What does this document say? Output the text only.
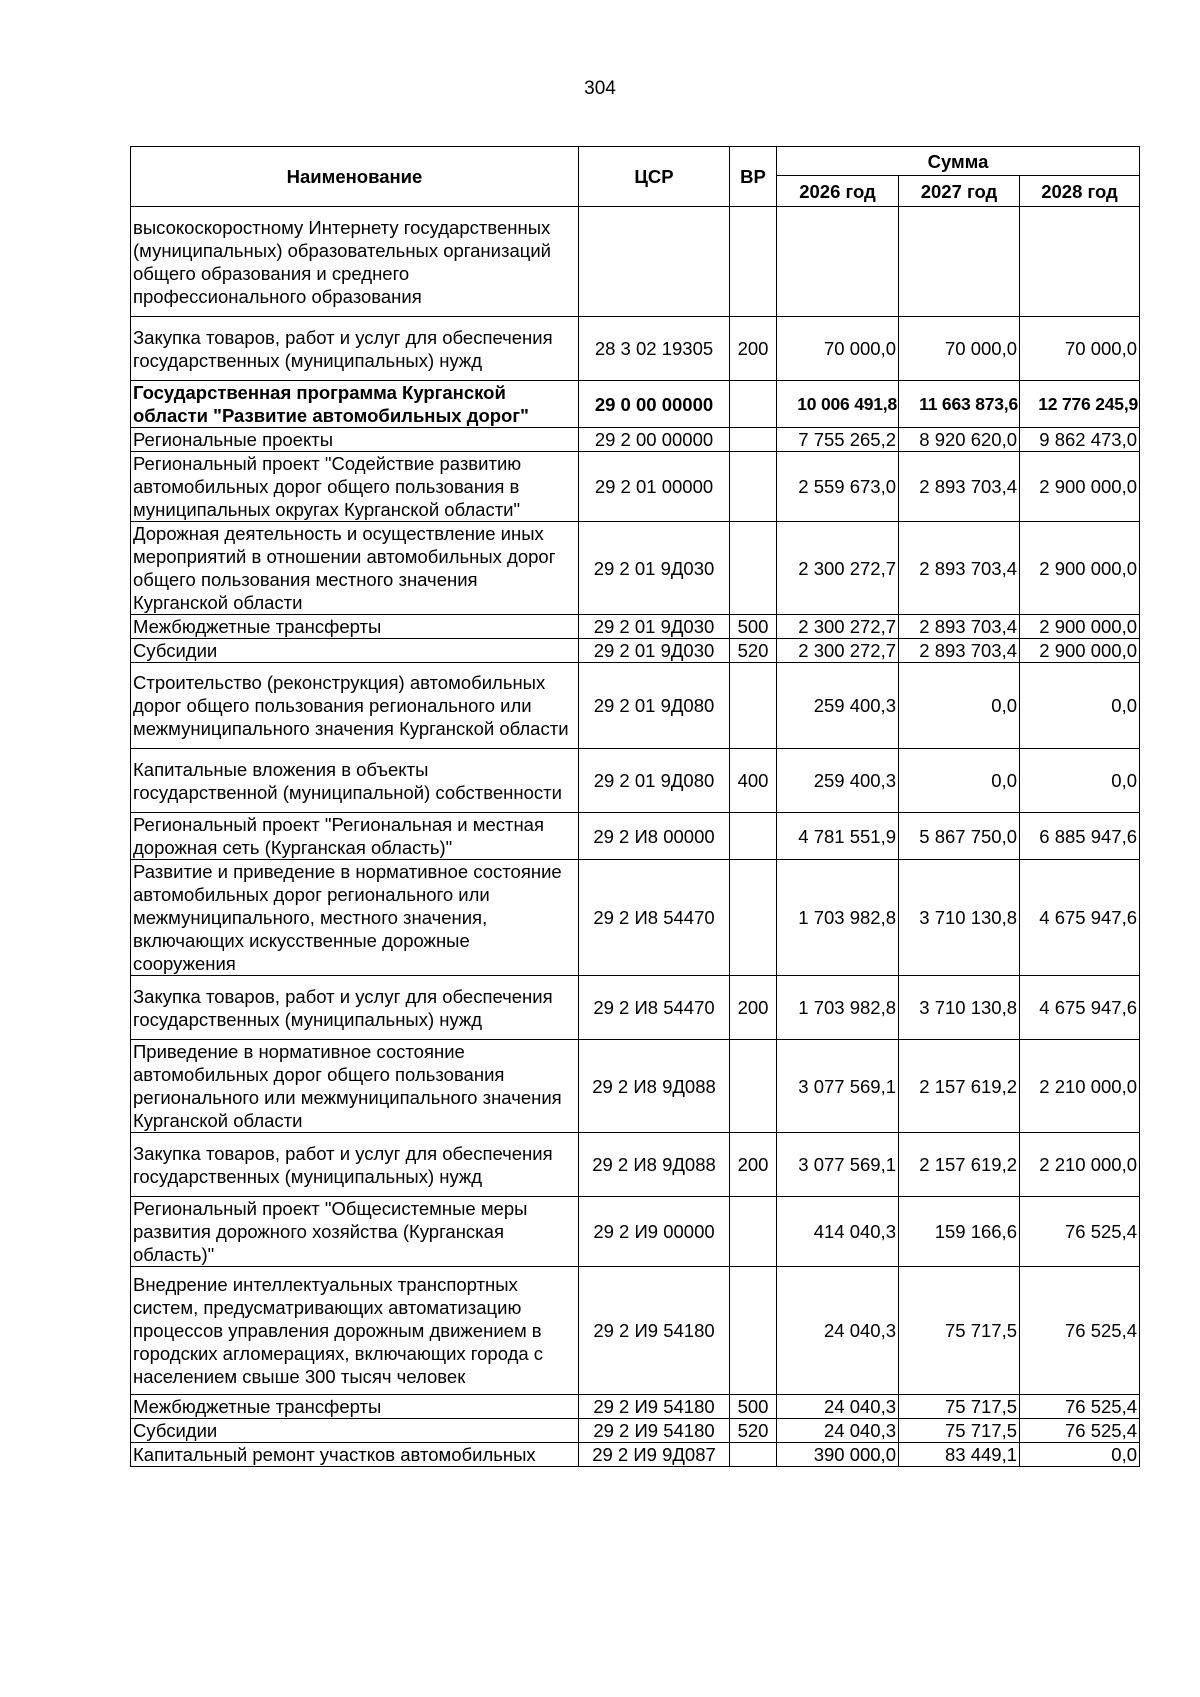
304
Наименование	ЦСР	ВР	Сумма		
			2026 год	2027 год	2028 год
высокоскоростному Интернету государственных (муниципальных) образовательных организаций общего образования и среднего профессионального образования					
Закупка товаров, работ и услуг для обеспечения государственных (муниципальных) нужд	28 3 02 19305	200	70 000,0	70 000,0	70 000,0
Государственная программа Курганской области "Развитие автомобильных дорог"	29 0 00 00000		10 006 491,8	11 663 873,6	12 776 245,9
Региональные проекты	29 2 00 00000		7 755 265,2	8 920 620,0	9 862 473,0
Региональный проект "Содействие развитию автомобильных дорог общего пользования в муниципальных округах Курганской области"	29 2 01 00000		2 559 673,0	2 893 703,4	2 900 000,0
Дорожная деятельность и осуществление иных мероприятий в отношении автомобильных дорог общего пользования местного значения Курганской области	29 2 01 9Д030		2 300 272,7	2 893 703,4	2 900 000,0
Межбюджетные трансферты	29 2 01 9Д030	500	2 300 272,7	2 893 703,4	2 900 000,0
Субсидии	29 2 01 9Д030	520	2 300 272,7	2 893 703,4	2 900 000,0
Строительство (реконструкция) автомобильных дорог общего пользования регионального или межмуниципального значения Курганской области	29 2 01 9Д080		259 400,3	0,0	0,0
Капитальные вложения в объекты государственной (муниципальной) собственности	29 2 01 9Д080	400	259 400,3	0,0	0,0
Региональный проект "Региональная и местная дорожная сеть (Курганская область)"	29 2 И8 00000		4 781 551,9	5 867 750,0	6 885 947,6
Развитие и приведение в нормативное состояние автомобильных дорог регионального или межмуниципального, местного значения, включающих искусственные дорожные сооружения	29 2 И8 54470		1 703 982,8	3 710 130,8	4 675 947,6
Закупка товаров, работ и услуг для обеспечения государственных (муниципальных) нужд	29 2 И8 54470	200	1 703 982,8	3 710 130,8	4 675 947,6
Приведение в нормативное состояние автомобильных дорог общего пользования регионального или межмуниципального значения Курганской области	29 2 И8 9Д088		3 077 569,1	2 157 619,2	2 210 000,0
Закупка товаров, работ и услуг для обеспечения государственных (муниципальных) нужд	29 2 И8 9Д088	200	3 077 569,1	2 157 619,2	2 210 000,0
Региональный проект "Общесистемные меры развития дорожного хозяйства (Курганская область)"	29 2 И9 00000		414 040,3	159 166,6	76 525,4
Внедрение интеллектуальных транспортных систем, предусматривающих автоматизацию процессов управления дорожным движением в городских агломерациях, включающих города с населением свыше 300 тысяч человек	29 2 И9 54180		24 040,3	75 717,5	76 525,4
Межбюджетные трансферты	29 2 И9 54180	500	24 040,3	75 717,5	76 525,4
Субсидии	29 2 И9 54180	520	24 040,3	75 717,5	76 525,4
Капитальный ремонт участков автомобильных	29 2 И9 9Д087		390 000,0	83 449,1	0,0
